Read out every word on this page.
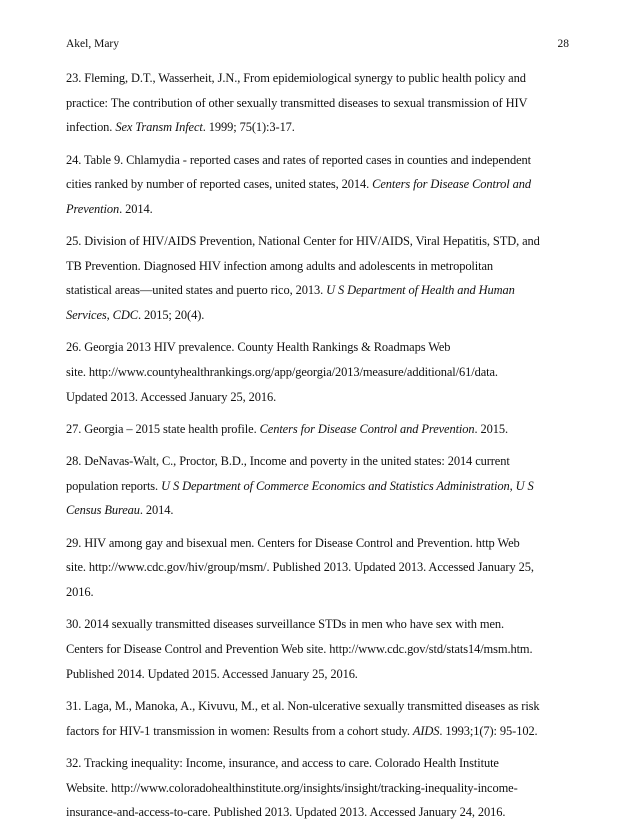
Akel, Mary	28

23. Fleming, D.T., Wasserheit, J.N., From epidemiological synergy to public health policy and
practice: The contribution of other sexually transmitted diseases to sexual transmission of HIV
infection. Sex Transm Infect. 1999; 75(1):3-17.

24. Table 9. Chlamydia - reported cases and rates of reported cases in counties and independent
cities ranked by number of reported cases, united states, 2014. Centers for Disease Control and
Prevention. 2014.

25. Division of HIV/AIDS Prevention, National Center for HIV/AIDS, Viral Hepatitis, STD, and
TB Prevention. Diagnosed HIV infection among adults and adolescents in metropolitan
statistical areas—united states and puerto rico, 2013. U S Department of Health and Human
Services, CDC. 2015; 20(4).

26. Georgia 2013 HIV prevalence. County Health Rankings & Roadmaps Web
site. http://www.countyhealthrankings.org/app/georgia/2013/measure/additional/61/data.
Updated 2013. Accessed January 25, 2016.

27. Georgia – 2015 state health profile. Centers for Disease Control and Prevention. 2015.

28. DeNavas-Walt, C., Proctor, B.D., Income and poverty in the united states: 2014 current
population reports. U S Department of Commerce Economics and Statistics Administration, U S
Census Bureau. 2014.

29. HIV among gay and bisexual men. Centers for Disease Control and Prevention. http Web
site. http://www.cdc.gov/hiv/group/msm/. Published 2013. Updated 2013. Accessed January 25,
2016.

30. 2014 sexually transmitted diseases surveillance STDs in men who have sex with men.
Centers for Disease Control and Prevention Web site. http://www.cdc.gov/std/stats14/msm.htm.
Published 2014. Updated 2015. Accessed January 25, 2016.

31. Laga, M., Manoka, A., Kivuvu, M., et al. Non-ulcerative sexually transmitted diseases as risk
factors for HIV-1 transmission in women: Results from a cohort study. AIDS. 1993;1(7): 95-102.

32. Tracking inequality: Income, insurance, and access to care. Colorado Health Institute
Website. http://www.coloradohealthinstitute.org/insights/insight/tracking-inequality-income-
insurance-and-access-to-care. Published 2013. Updated 2013. Accessed January 24, 2016.
